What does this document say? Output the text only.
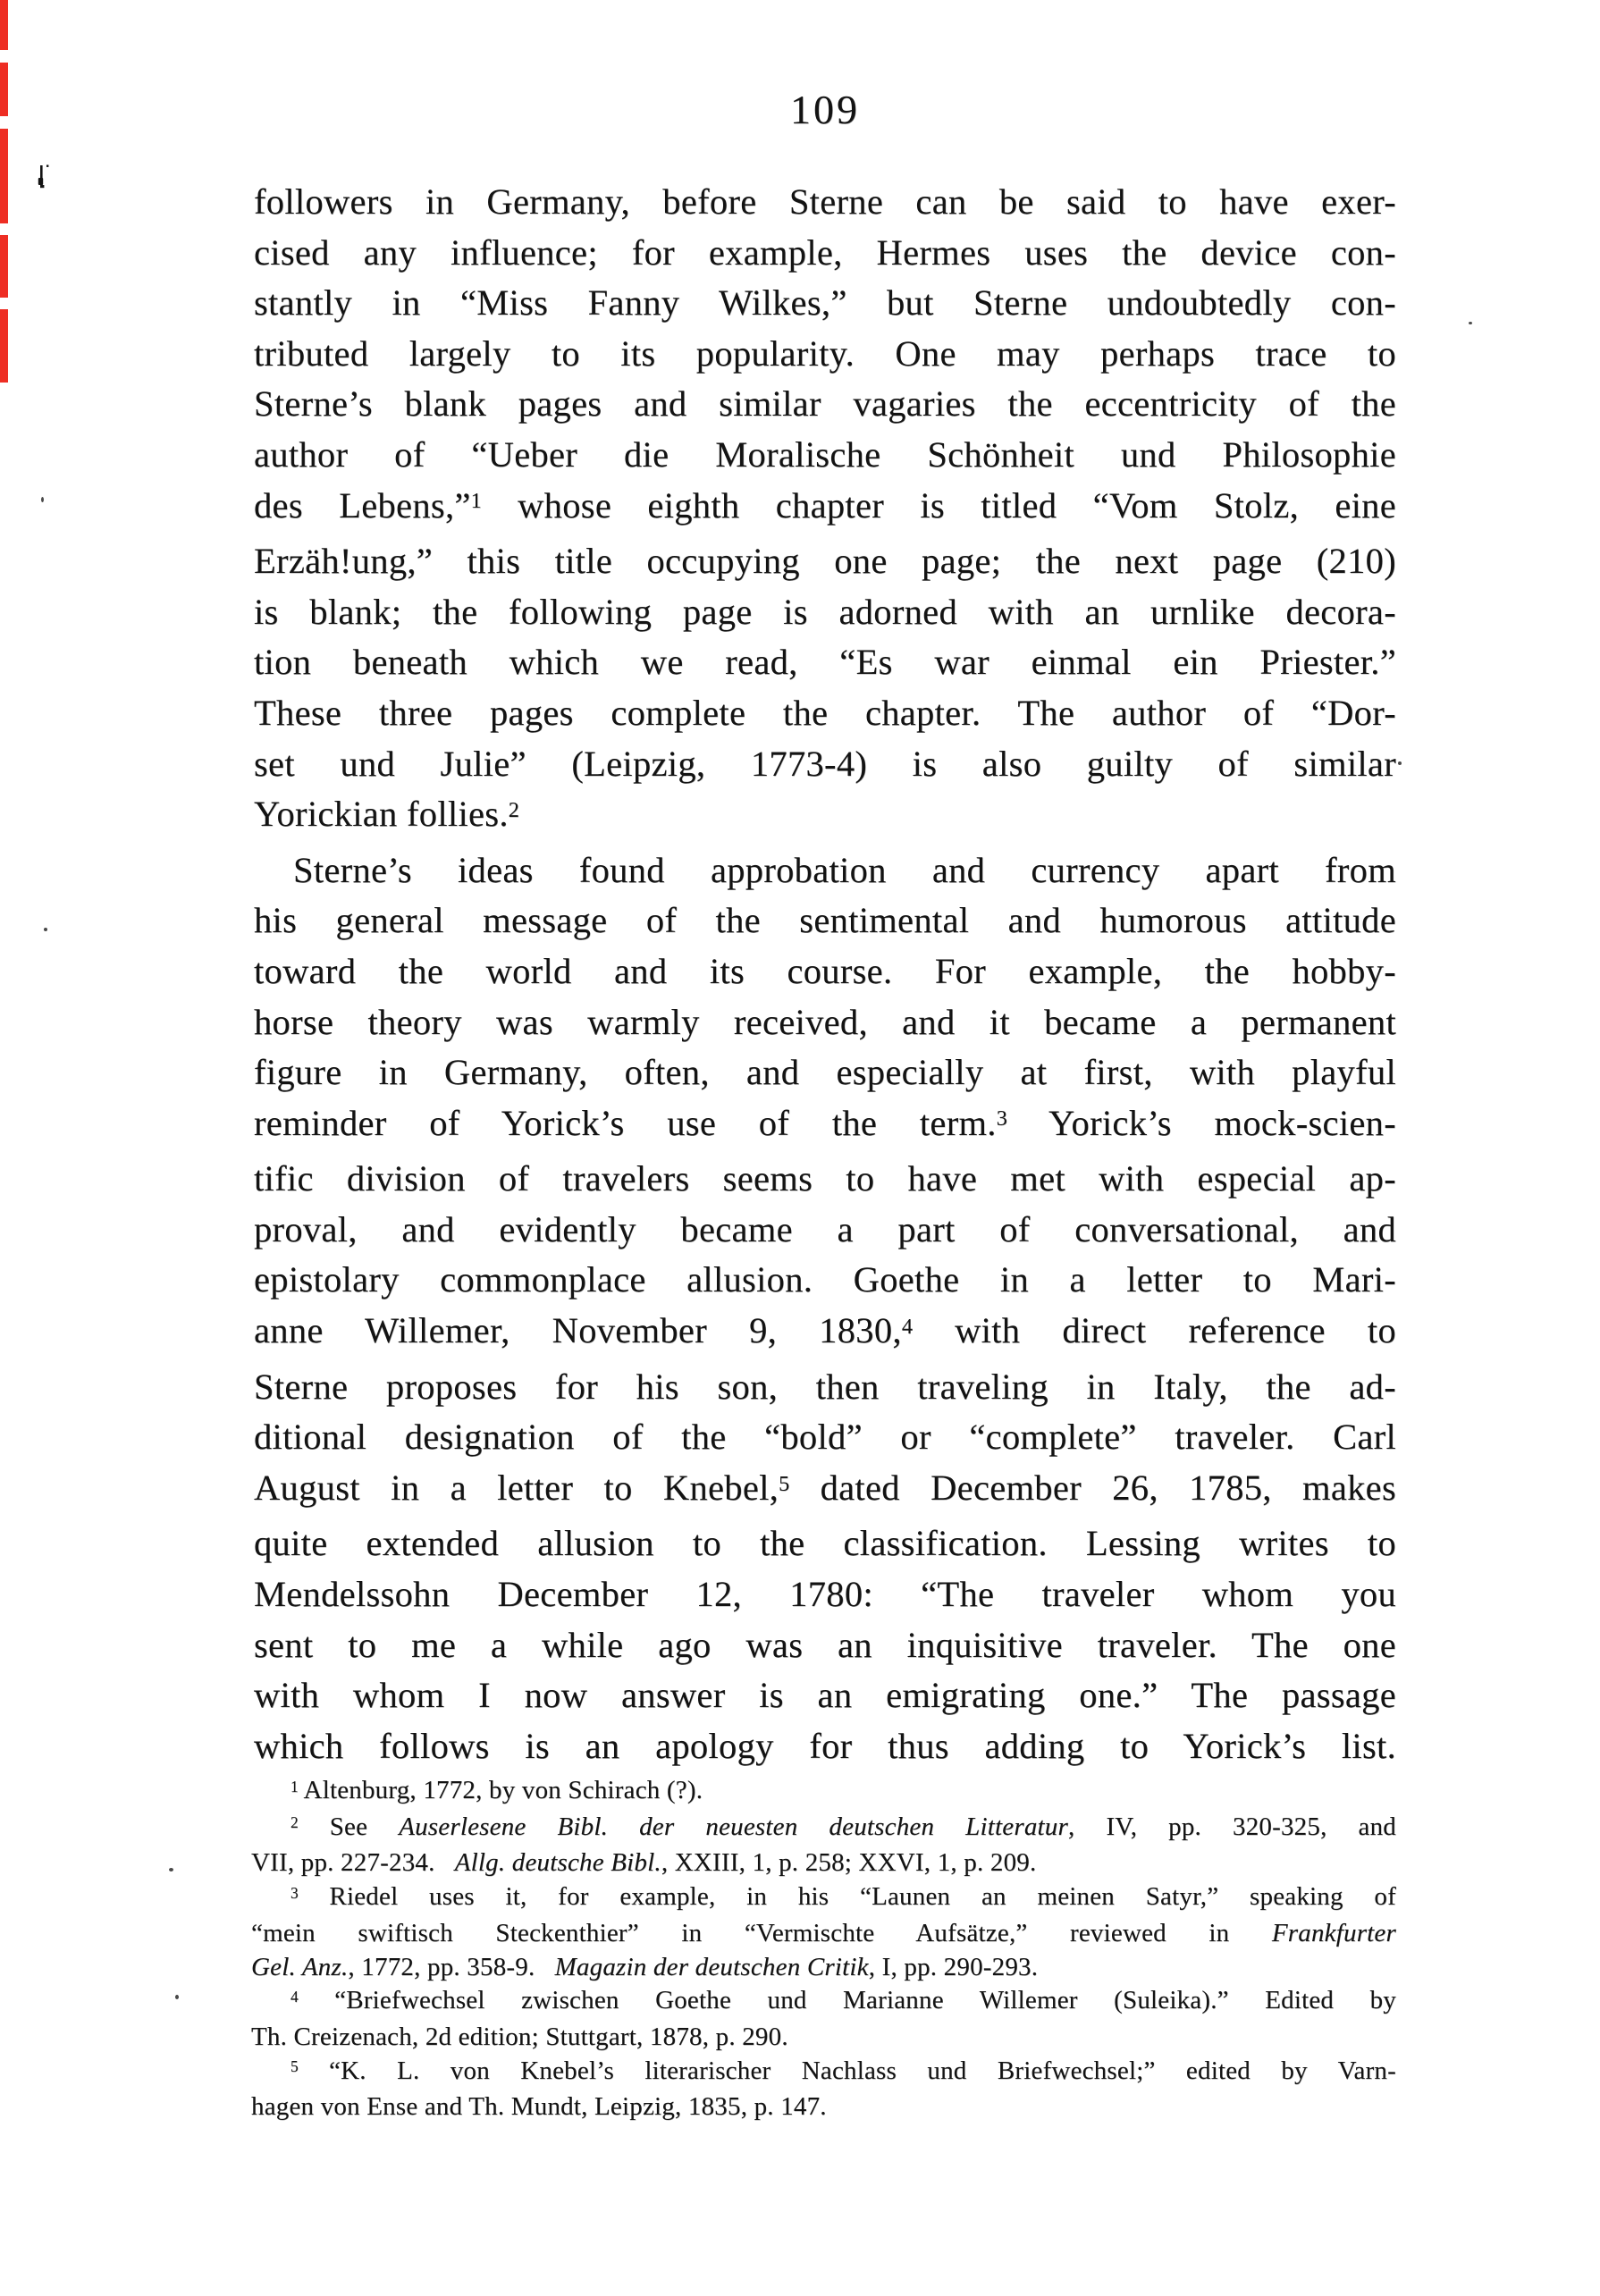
109
followers in Germany, before Sterne can be said to have exer-
cised any influence; for example, Hermes uses the device con-
stantly in “Miss Fanny Wilkes,” but Sterne undoubtedly con-
tributed largely to its popularity. One may perhaps trace to
Sterne’s blank pages and similar vagaries the eccentricity of the
author of “Ueber die Moralische Schönheit und Philosophie
des Lebens,”$^1$ whose eighth chapter is titled “Vom Stolz, eine
Erzäh!ung,” this title occupying one page; the next page (210)
is blank; the following page is adorned with an urnlike decora-
tion beneath which we read, “Es war einmal ein Priester.”
These three pages complete the chapter. The author of “Dor-
set und Julie” (Leipzig, 1773-4) is also guilty of similar
Yorickian follies.$^2$
Sterne’s ideas found approbation and currency apart from
his general message of the sentimental and humorous attitude
toward the world and its course. For example, the hobby-
horse theory was warmly received, and it became a permanent
figure in Germany, often, and especially at first, with playful
reminder of Yorick’s use of the term.$^3$ Yorick’s mock-scien-
tific division of travelers seems to have met with especial ap-
proval, and evidently became a part of conversational, and
epistolary commonplace allusion. Goethe in a letter to Mari-
anne Willemer, November 9, 1830,$^4$ with direct reference to
Sterne proposes for his son, then traveling in Italy, the ad-
ditional designation of the “bold” or “complete” traveler. Carl
August in a letter to Knebel,$^5$ dated December 26, 1785, makes
quite extended allusion to the classification. Lessing writes to
Mendelssohn December 12, 1780: “The traveler whom you
sent to me a while ago was an inquisitive traveler. The one
with whom I now answer is an emigrating one.” The passage
which follows is an apology for thus adding to Yorick’s list.
$^1$ Altenburg, 1772, by von Schirach (?).
$^2$ See Auserlesene Bibl. der neuesten deutschen Litteratur, IV, pp. 320-325, and
VII, pp. 227-234.  Allg. deutsche Bibl., XXIII, 1, p. 258; XXVI, 1, p. 209.
$^3$ Riedel uses it, for example, in his “Launen an meinen Satyr,” speaking of
“mein swiftisch Steckenthier” in “Vermischte Aufsätze,” reviewed in Frankfurter
Gel. Anz., 1772, pp. 358-9.  Magazin der deutschen Critik, I, pp. 290-293.
$^4$ “Briefwechsel zwischen Goethe und Marianne Willemer (Suleika).” Edited by
Th. Creizenach, 2d edition; Stuttgart, 1878, p. 290.
$^5$ “K. L. von Knebel’s literarischer Nachlass und Briefwechsel;” edited by Varn-
hagen von Ense and Th. Mundt, Leipzig, 1835, p. 147.
